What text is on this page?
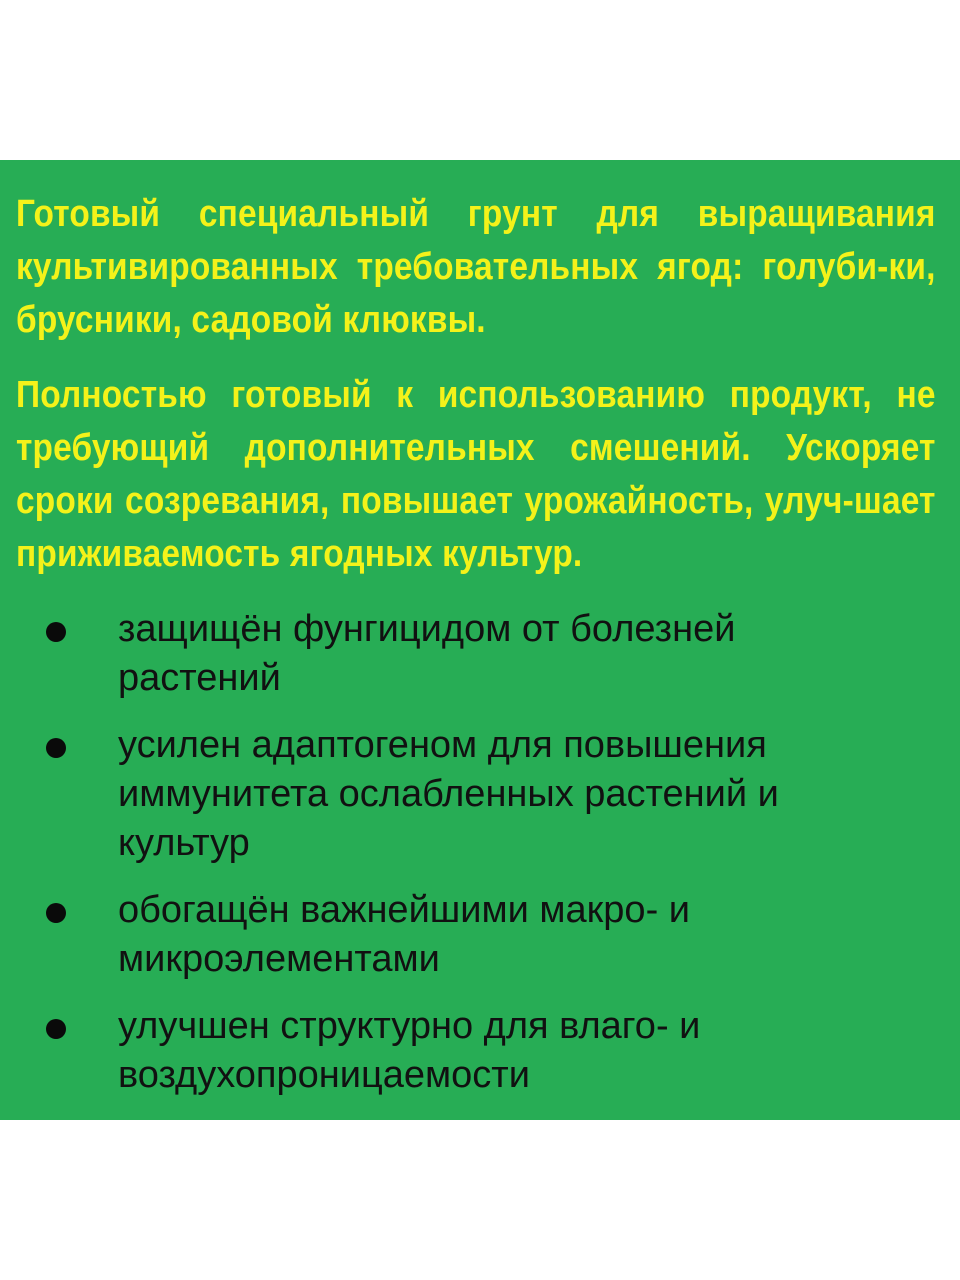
Готовый специальный грунт для выращивания культивированных требовательных ягод: голуби-ки, брусники, садовой клюквы.

Полностью готовый к использованию продукт, не требующий дополнительных смешений. Ускоряет сроки созревания, повышает урожайность, улуч-шает приживаемость ягодных культур.

защищён фунгицидом от болезней растений
усилен адаптогеном для повышения иммунитета ослабленных растений и культур
обогащён важнейшими макро- и микроэлементами
улучшен структурно для влаго- и воздухопроницаемости
